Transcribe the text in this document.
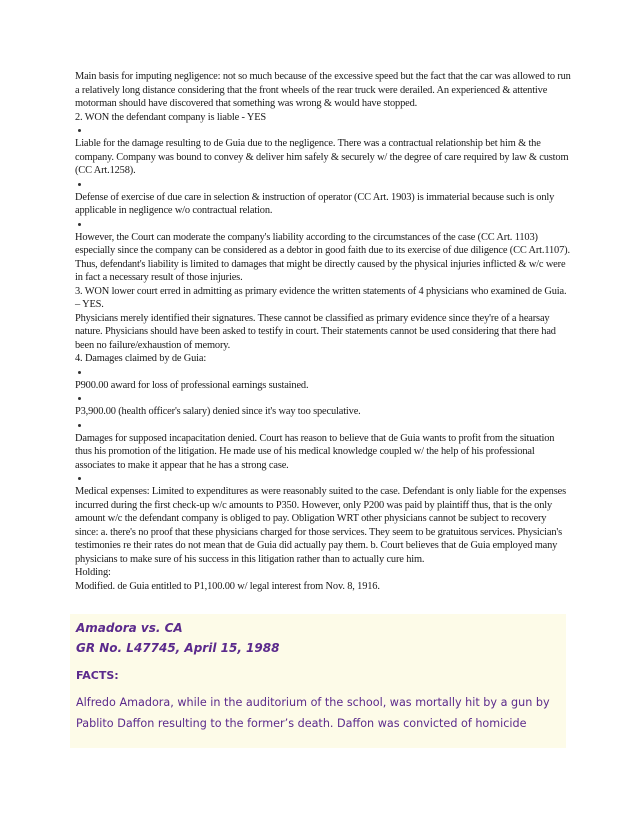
Main basis for imputing negligence: not so much because of the excessive speed but the fact that the car was allowed to run a relatively long distance considering that the front wheels of the rear truck were derailed. An experienced & attentive motorman should have discovered that something was wrong & would have stopped.

2. WON the defendant company is liable - YES

Liable for the damage resulting to de Guia due to the negligence. There was a contractual relationship bet him & the company. Company was bound to convey & deliver him safely & securely w/ the degree of care required by law & custom (CC Art.1258).

Defense of exercise of due care in selection & instruction of operator (CC Art. 1903) is immaterial because such is only applicable in negligence w/o contractual relation.

However, the Court can moderate the company's liability according to the circumstances of the case (CC Art. 1103) especially since the company can be considered as a debtor in good faith due to its exercise of due diligence (CC Art.1107). Thus, defendant's liability is limited to damages that might be directly caused by the physical injuries inflicted & w/c were in fact a necessary result of those injuries.

3. WON lower court erred in admitting as primary evidence the written statements of 4 physicians who examined de Guia. – YES.

Physicians merely identified their signatures. These cannot be classified as primary evidence since they're of a hearsay nature. Physicians should have been asked to testify in court. Their statements cannot be used considering that there had been no failure/exhaustion of memory.

4. Damages claimed by de Guia:

P900.00 award for loss of professional earnings sustained.

P3,900.00 (health officer's salary) denied since it's way too speculative.

Damages for supposed incapacitation denied. Court has reason to believe that de Guia wants to profit from the situation thus his promotion of the litigation. He made use of his medical knowledge coupled w/ the help of his professional associates to make it appear that he has a strong case.

Medical expenses: Limited to expenditures as were reasonably suited to the case. Defendant is only liable for the expenses incurred during the first check-up w/c amounts to P350. However, only P200 was paid by plaintiff thus, that is the only amount w/c the defendant company is obliged to pay. Obligation WRT other physicians cannot be subject to recovery since: a. there's no proof that these physicians charged for those services. They seem to be gratuitous services. Physician's testimonies re their rates do not mean that de Guia did actually pay them. b. Court believes that de Guia employed many physicians to make sure of his success in this litigation rather than to actually cure him.

Holding:

Modified. de Guia entitled to P1,100.00 w/ legal interest from Nov. 8, 1916.

Amadora vs. CA

GR No. L47745, April 15, 1988

FACTS:

Alfredo Amadora, while in the auditorium of the school, was mortally hit by a gun by Pablito Daffon resulting to the former’s death. Daffon was convicted of homicide
